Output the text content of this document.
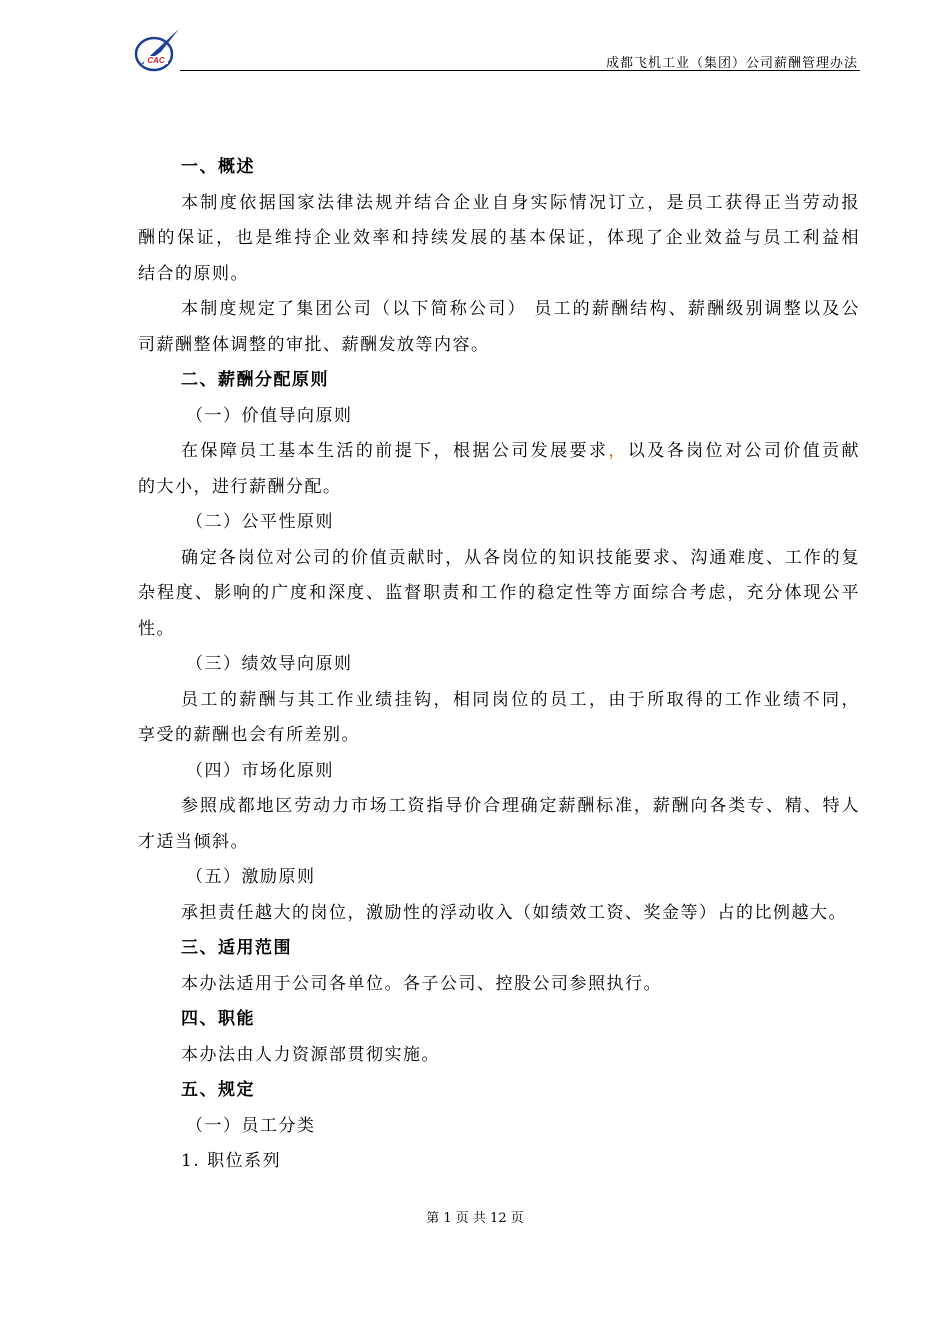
CAC	成都飞机工业（集团）公司薪酬管理办法
一、概述
本制度依据国家法律法规并结合企业自身实际情况订立，是员工获得正当劳动报
酬的保证，也是维持企业效率和持续发展的基本保证，体现了企业效益与员工利益相
结合的原则。
本制度规定了集团公司（以下简称公司） 员工的薪酬结构、薪酬级别调整以及公
司薪酬整体调整的审批、薪酬发放等内容。
二、薪酬分配原则
（一）价值导向原则
在保障员工基本生活的前提下，根据公司发展要求，以及各岗位对公司价值贡献
的大小，进行薪酬分配。
（二）公平性原则
确定各岗位对公司的价值贡献时，从各岗位的知识技能要求、沟通难度、工作的复
杂程度、影响的广度和深度、监督职责和工作的稳定性等方面综合考虑，充分体现公平
性。
（三）绩效导向原则
员工的薪酬与其工作业绩挂钩，相同岗位的员工，由于所取得的工作业绩不同，
享受的薪酬也会有所差别。
（四）市场化原则
参照成都地区劳动力市场工资指导价合理确定薪酬标准，薪酬向各类专、精、特人
才适当倾斜。
（五）激励原则
承担责任越大的岗位，激励性的浮动收入（如绩效工资、奖金等）占的比例越大。
三、适用范围
本办法适用于公司各单位。各子公司、控股公司参照执行。
四、职能
本办法由人力资源部贯彻实施。
五、规定
（一）员工分类
1. 职位系列
第 1 页 共 12 页
